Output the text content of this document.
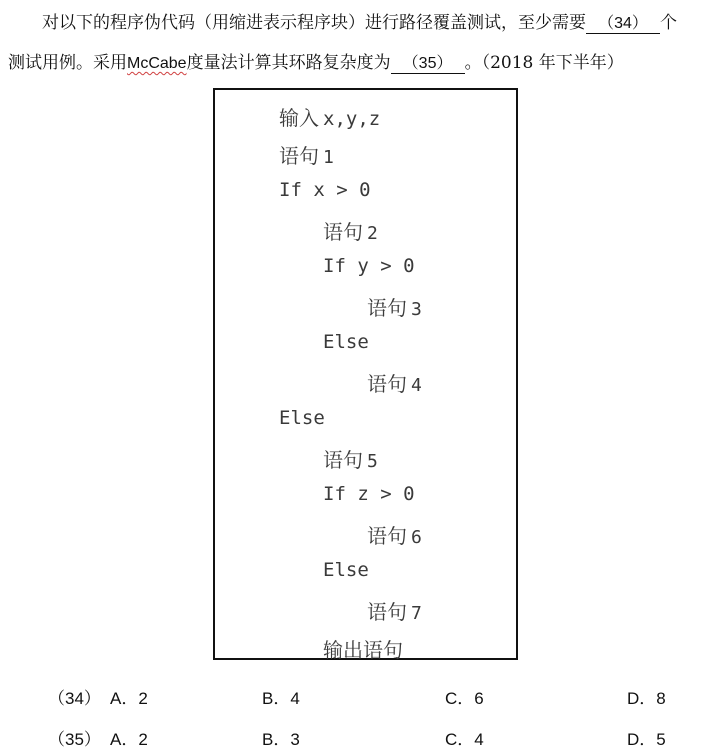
对以下的程序伪代码（用缩进表示程序块）进行路径覆盖测试，至少需要 （34） 个
测试用例。采用McCabe度量法计算其环路复杂度为 （35） 。（2018 年下半年）
输入 x,y,z
语句 1
If x > 0
语句 2
If y > 0
语句 3
Else
语句 4
Else
语句 5
If z > 0
语句 6
Else
语句 7
输出语句
（34） A．2	B．4	C．6	D．8
（35） A．2	B．3	C．4	D．5
